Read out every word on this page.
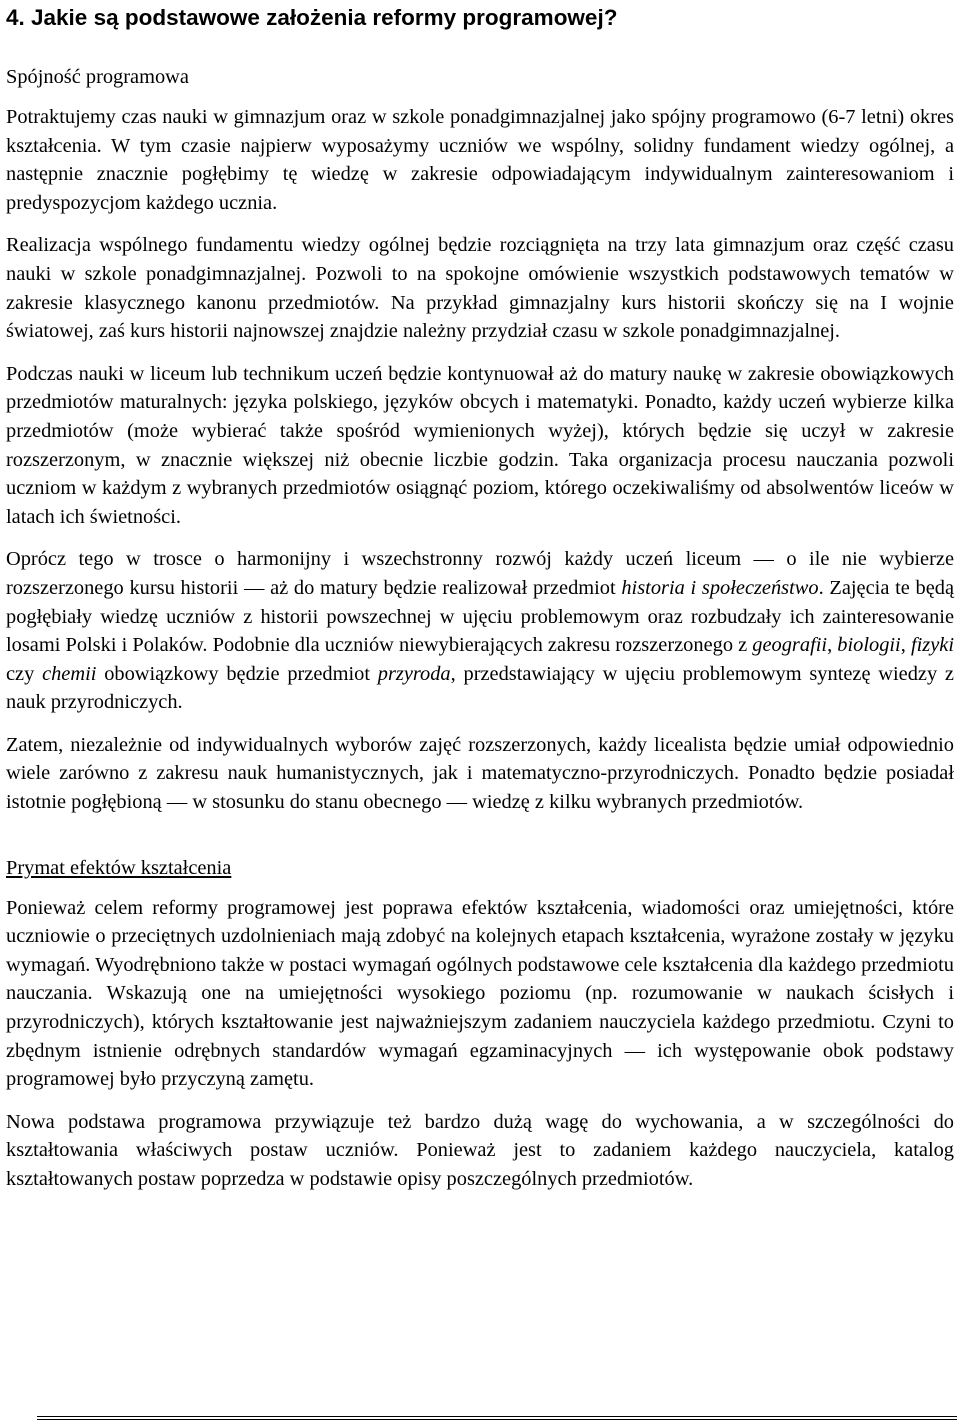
4. Jakie są podstawowe założenia reformy programowej?
Spójność programowa

Potraktujemy czas nauki w gimnazjum oraz w szkole ponadgimnazjalnej jako spójny programowo (6-7 letni) okres kształcenia. W tym czasie najpierw wyposażymy uczniów we wspólny, solidny fundament wiedzy ogólnej, a następnie znacznie pogłębimy tę wiedzę w zakresie odpowiadającym indywidualnym zainteresowaniom i predyspozycjom każdego ucznia.

Realizacja wspólnego fundamentu wiedzy ogólnej będzie rozciągnięta na trzy lata gimnazjum oraz część czasu nauki w szkole ponadgimnazjalnej. Pozwoli to na spokojne omówienie wszystkich podstawowych tematów w zakresie klasycznego kanonu przedmiotów. Na przykład gimnazjalny kurs historii skończy się na I wojnie światowej, zaś kurs historii najnowszej znajdzie należny przydział czasu w szkole ponadgimnazjalnej.

Podczas nauki w liceum lub technikum uczeń będzie kontynuował aż do matury naukę w zakresie obowiązkowych przedmiotów maturalnych: języka polskiego, języków obcych i matematyki. Ponadto, każdy uczeń wybierze kilka przedmiotów (może wybierać także spośród wymienionych wyżej), których będzie się uczył w zakresie rozszerzonym, w znacznie większej niż obecnie liczbie godzin. Taka organizacja procesu nauczania pozwoli uczniom w każdym z wybranych przedmiotów osiągnąć poziom, którego oczekiwaliśmy od absolwentów liceów w latach ich świetności.

Oprócz tego w trosce o harmonijny i wszechstronny rozwój każdy uczeń liceum — o ile nie wybierze rozszerzonego kursu historii — aż do matury będzie realizował przedmiot historia i społeczeństwo. Zajęcia te będą pogłębiały wiedzę uczniów z historii powszechnej w ujęciu problemowym oraz rozbudzały ich zainteresowanie losami Polski i Polaków. Podobnie dla uczniów niewybierających zakresu rozszerzonego z geografii, biologii, fizyki czy chemii obowiązkowy będzie przedmiot przyroda, przedstawiający w ujęciu problemowym syntezę wiedzy z nauk przyrodniczych.

Zatem, niezależnie od indywidualnych wyborów zajęć rozszerzonych, każdy licealista będzie umiał odpowiednio wiele zarówno z zakresu nauk humanistycznych, jak i matematyczno-przyrodniczych. Ponadto będzie posiadał istotnie pogłębioną — w stosunku do stanu obecnego — wiedzę z kilku wybranych przedmiotów.

Prymat efektów kształcenia

Ponieważ celem reformy programowej jest poprawa efektów kształcenia, wiadomości oraz umiejętności, które uczniowie o przeciętnych uzdolnieniach mają zdobyć na kolejnych etapach kształcenia, wyrażone zostały w języku wymagań. Wyodrębniono także w postaci wymagań ogólnych podstawowe cele kształcenia dla każdego przedmiotu nauczania. Wskazują one na umiejętności wysokiego poziomu (np. rozumowanie w naukach ścisłych i przyrodniczych), których kształtowanie jest najważniejszym zadaniem nauczyciela każdego przedmiotu. Czyni to zbędnym istnienie odrębnych standardów wymagań egzaminacyjnych — ich występowanie obok podstawy programowej było przyczyną zamętu.

Nowa podstawa programowa przywiązuje też bardzo dużą wagę do wychowania, a w szczególności do kształtowania właściwych postaw uczniów. Ponieważ jest to zadaniem każdego nauczyciela, katalog kształtowanych postaw poprzedza w podstawie opisy poszczególnych przedmiotów.
